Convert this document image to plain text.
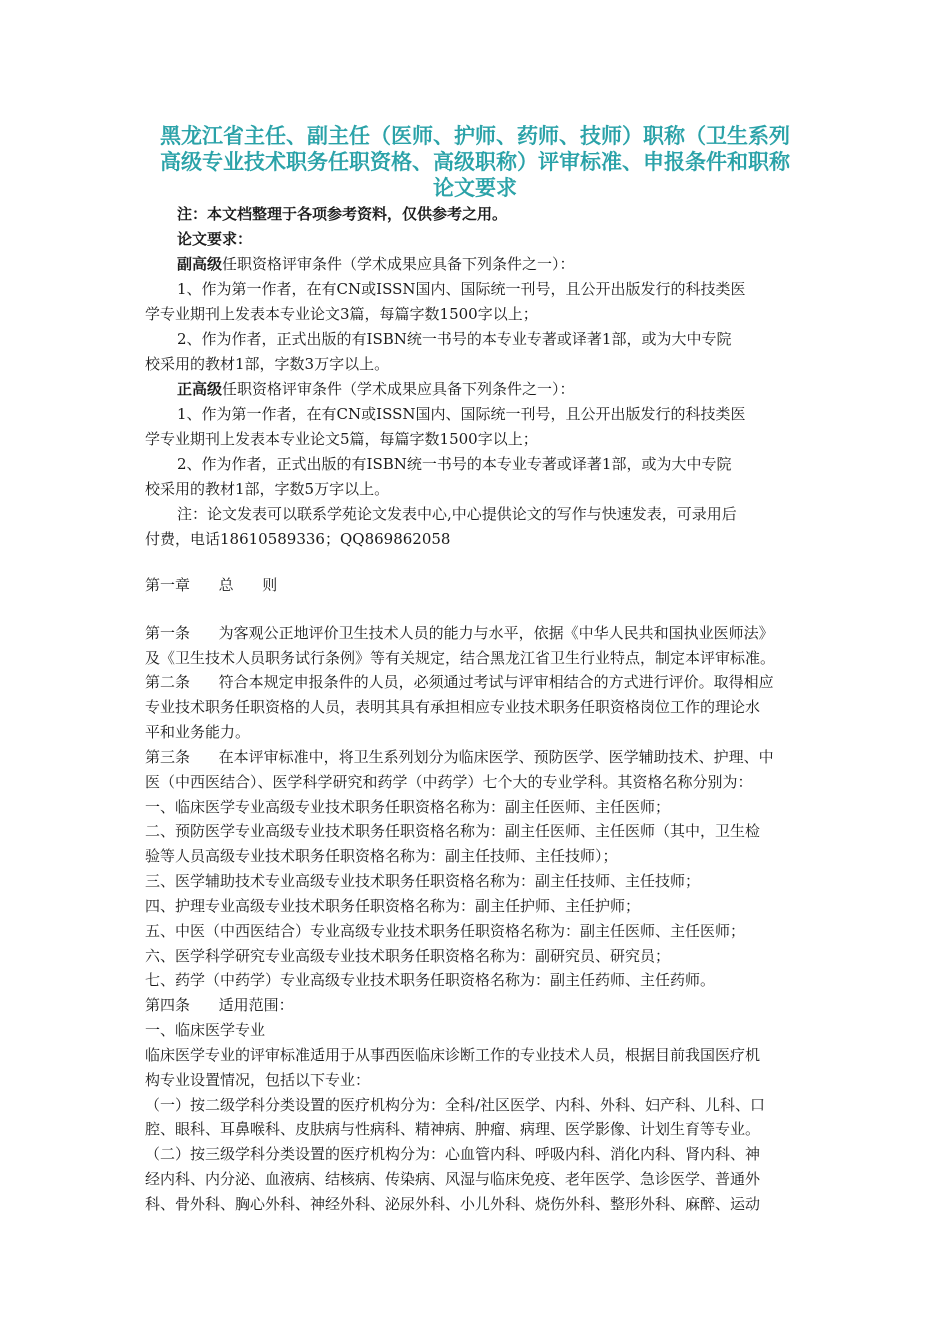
黑龙江省主任、副主任（医师、护师、药师、技师）职称（卫生系列

高级专业技术职务任职资格、高级职称）评审标准、申报条件和职称

论文要求

注：本文档整理于各项参考资料，仅供参考之用。

论文要求：

副高级任职资格评审条件（学术成果应具备下列条件之一）：

1、作为第一作者，在有CN或ISSN国内、国际统一刊号，且公开出版发行的科技类医

学专业期刊上发表本专业论文3篇，每篇字数1500字以上；

2、作为作者，正式出版的有ISBN统一书号的本专业专著或译著1部，或为大中专院

校采用的教材1部，字数3万字以上。

正高级任职资格评审条件（学术成果应具备下列条件之一）：

1、作为第一作者，在有CN或ISSN国内、国际统一刊号，且公开出版发行的科技类医

学专业期刊上发表本专业论文5篇，每篇字数1500字以上；

2、作为作者，正式出版的有ISBN统一书号的本专业专著或译著1部，或为大中专院

校采用的教材1部，字数5万字以上。

注：论文发表可以联系学苑论文发表中心,中心提供论文的写作与快速发表，可录用后

付费，电话18610589336；QQ869862058

第一章      总      则

第一条      为客观公正地评价卫生技术人员的能力与水平，依据《中华人民共和国执业医师法》

及《卫生技术人员职务试行条例》等有关规定，结合黑龙江省卫生行业特点，制定本评审标准。

第二条      符合本规定申报条件的人员，必须通过考试与评审相结合的方式进行评价。取得相应

专业技术职务任职资格的人员，表明其具有承担相应专业技术职务任职资格岗位工作的理论水

平和业务能力。

第三条      在本评审标准中，将卫生系列划分为临床医学、预防医学、医学辅助技术、护理、中

医（中西医结合）、医学科学研究和药学（中药学）七个大的专业学科。其资格名称分别为：

一、临床医学专业高级专业技术职务任职资格名称为：副主任医师、主任医师；

二、预防医学专业高级专业技术职务任职资格名称为：副主任医师、主任医师（其中，卫生检

验等人员高级专业技术职务任职资格名称为：副主任技师、主任技师）；

三、医学辅助技术专业高级专业技术职务任职资格名称为：副主任技师、主任技师；

四、护理专业高级专业技术职务任职资格名称为：副主任护师、主任护师；

五、中医（中西医结合）专业高级专业技术职务任职资格名称为：副主任医师、主任医师；

六、医学科学研究专业高级专业技术职务任职资格名称为：副研究员、研究员；

七、药学（中药学）专业高级专业技术职务任职资格名称为：副主任药师、主任药师。

第四条      适用范围：

一、临床医学专业

临床医学专业的评审标准适用于从事西医临床诊断工作的专业技术人员，根据目前我国医疗机

构专业设置情况，包括以下专业：

（一）按二级学科分类设置的医疗机构分为：全科/社区医学、内科、外科、妇产科、儿科、口

腔、眼科、耳鼻喉科、皮肤病与性病科、精神病、肿瘤、病理、医学影像、计划生育等专业。

（二）按三级学科分类设置的医疗机构分为：心血管内科、呼吸内科、消化内科、肾内科、神

经内科、内分泌、血液病、结核病、传染病、风湿与临床免疫、老年医学、急诊医学、普通外

科、骨外科、胸心外科、神经外科、泌尿外科、小儿外科、烧伤外科、整形外科、麻醉、运动
